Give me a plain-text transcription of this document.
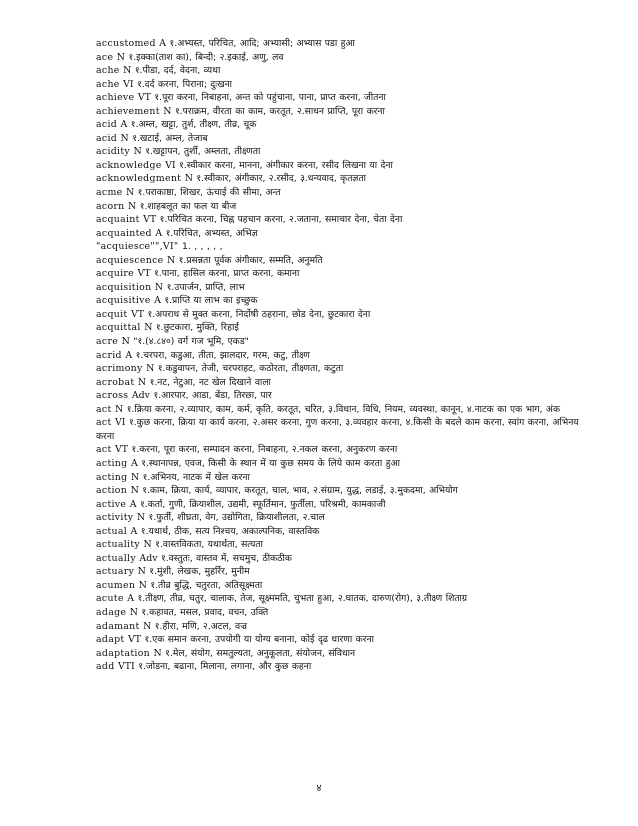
accustomed A १.अभ्यस्त, परिचित, आदि; अभ्यासी; अभ्यास पडा हुआ
ace N १.इक्का(ताश का), बिन्दी; २.इकाई, अणु, लव
ache N १.पीडा, दर्द, वेदना, व्यथा
ache VI १.दर्द करना, पिराना; दुःखना
achieve VT १.पूरा करना, निबाहना, अन्त को पहुंचाना, पाना, प्राप्त करना, जीतना
achievement N १.पराक्रम, वीरता का काम, करतूत, २.साधन प्राप्ति, पूरा करना
acid A १.अम्ल, खट्टा, तुर्श, तीक्ष्ण, तीव्र, चूक
acid N १.खटाई, अम्ल, तेजाब
acidity N १.खट्टापन, तुर्शी, अम्लता, तीक्ष्णता
acknowledge VI १.स्वीकार करना, मानना, अंगीकार करना, रसीद लिखना या देना
acknowledgment N १.स्वीकार, अंगीकार, २.रसीद, ३.धन्यवाद, कृतज्ञता
acme N १.पराकाष्ठा, शिखर, ऊंचाई की सीमा, अन्त
acorn N १.शाहबलूत का फल या बीज
acquaint VT १.परिचित करना, चिह्न पहचान करना, २.जताना, समाचार देना, चेता देना
acquainted A १.परिचित, अभ्यस्त, अभिज्ञ
"acquiesce"",VI" 1. , , , , ,
acquiescence N १.प्रसन्नता पूर्वक अंगीकार, सम्मति, अनुमति
acquire VT १.पाना, हासिल करना, प्राप्त करना, कमाना
acquisition N १.उपार्जन, प्राप्ति, लाभ
acquisitive A १.प्राप्ति या लाभ का इच्छुक
acquit VT १.अपराध से मुक्त करना, निर्दोषी ठहराना, छोड देना, छुटकारा देना
acquittal N १.छुटकारा, मुक्ति, रिहाई
acre N "१.(४.८४०) वर्ग गज भूमि, एकड"
acrid A १.चरपरा, कडुआ, तीता, झालदार, गरम, कटु, तीक्ष्ण
acrimony N १.कडुवापन, तेजी, चरपराहट, कठोरता, तीक्ष्णता, कटुता
acrobat N १.नट, नेटुआ, नट खेल दिखाने वाला
across Adv १.आरपार, आडा, बेंडा, तिरछा, पार
act N १.क्रिया करना, २.व्यापार, काम, कर्म, कृति, करतूत, चरित, ३.विधान, विधि, नियम, व्यवस्था, कानून, ४.नाटक का एक भाग, अंक
act VI १.कुछ करना, क्रिया या कार्य करना, २.असर करना, गुण करना, ३.व्यवहार करना, ४.किसी के बदले काम करना, स्वांग करना, अभिनय करना
act VT १.करना, पूरा करना, सम्पादन करना, निबाहना, २.नकल करना, अनुकरण करना
acting A १.स्थानापन्न, एवज, किसी के स्थान में या कुछ समय के लिये काम करता हुआ
acting N १.अभिनय, नाटक में खेल करना
action N १.काम, क्रिया, कार्य, व्यापार, करतूत, चाल, भाव, २.संग्राम, युद्ध, लडाई, ३.मुकदमा, अभियोग
active A १.कर्ता, गुणी, क्रियाशील, उद्यमी, स्फूर्तिमान, फुर्तीला, परिश्रमी, कामकाजी
activity N १.फुर्ती, शीघ्रता, वेग, उद्योगिता, क्रियाशीलता, २.चाल
actual A १.यथार्थ, ठीक, सत्य निश्चय, अकाल्पनिक, वास्तविक
actuality N १.वास्तविकता, यथार्थता, सत्यता
actually Adv १.वस्तुतः, वास्तव में, सचमुच, ठीकठीक
actuary N १.मुंशी, लेखक, मुहर्रिर, मुनीम
acumen N १.तीव्र बुद्धि, चतुरता, अतिसूक्ष्मता
acute A १.तीक्ष्ण, तीव्र, चतुर, चालाक, तेज, सूक्ष्ममति, चुभता हुआ, २.घातक, दारुण(रोग), ३.तीक्ष्ण शिताग्र
adage N १.कहावत, मसल, प्रवाद, वचन, उक्ति
adamant N १.हीरा, मणि, २.अटल, वज्र
adapt VT १.एक समान करना, उपयोगी या योग्य बनाना, कोई दृढ धारणा करना
adaptation N १.मेल, संयोग, समतुल्यता, अनुकूलता, संयोजन, संविधान
add VTI १.जोडना, बढाना, मिलाना, लगाना, और कुछ कहना
४
